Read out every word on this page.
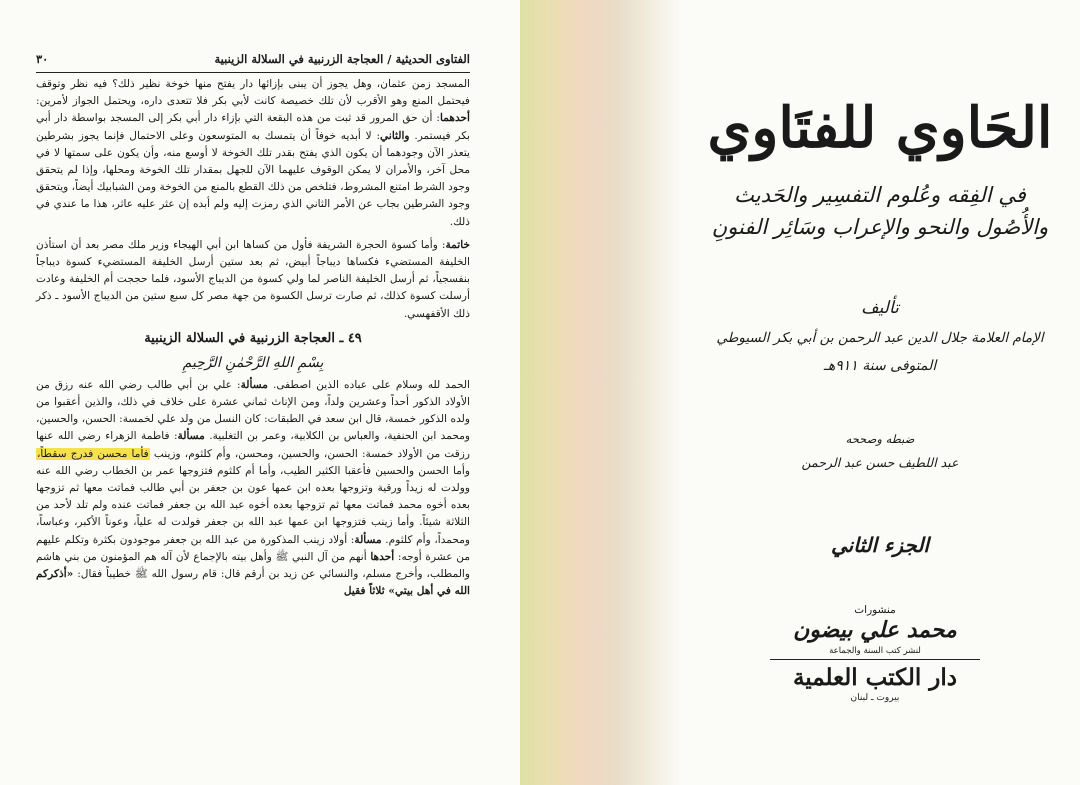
الفتاوى الحديثية / العجاجة الزرنبية في السلالة الزينبية
٣٠
المسجد زمن عثمان، وهل يجوز أن يبنى بإزائها دار يفتح منها خوخة نظير ذلك؟ فيه نظر وتوقف فيحتمل المنع وهو الأقرب لأن تلك خصيصة كانت لأبي بكر فلا تتعدى داره، ويحتمل الجواز لأمرين: أحدهما: أن حق المرور قد ثبت من هذه البقعة التي بإزاء دار أبي بكر إلى المسجد بواسطة دار أبي بكر فيستمر. والثاني: لا أبديه خوفاً أن يتمسك به المتوسعون وعلى الاحتمال فإنما يجوز بشرطين يتعذر الآن وجودهما أن يكون الذي يفتح بقدر تلك الخوخة لا أوسع منه، وأن يكون على سمتها لا في محل آخر، والأمران لا يمكن الوقوف عليهما الآن للجهل بمقدار تلك الخوخة ومحلها، وإذا لم يتحقق وجود الشرط امتنع المشروط، فتلخص من ذلك القطع بالمنع من الخوخة ومن الشبابيك أيضاً، ويتحقق وجود الشرطين بجاب عن الأمر الثاني الذي رمزت إليه ولم أبده إن عثر عليه عاثر، هذا ما عندي في ذلك.
خاتمة: وأما كسوة الحجرة الشريفة فأول من كساها ابن أبي الهيجاء وزير ملك مصر بعد أن استأذن الخليفة المستضيء فكساها ديباجاً أبيض، ثم بعد ستين أرسل الخليفة المستضيء كسوة ديباجاً بنفسجياً، ثم أرسل الخليفة الناصر لما ولي كسوة من الديباج الأسود، فلما حججت أم الخليفة وعادت أرسلت كسوة كذلك، ثم صارت ترسل الكسوة من جهة مصر كل سبع ستين من الديباج الأسود ـ ذكر ذلك الأقفهسي.
٤٩ ـ العجاجة الزرنبية في السلالة الزينبية
بِسْمِ اللهِ الرَّحْمٰنِ الرَّحِيمِ
الحمد لله وسلام على عباده الذين اصطفى. مسألة: علي بن أبي طالب رضي الله عنه رزق من الأولاد الذكور أحداً وعشرين ولداً، ومن الإناث ثماني عشرة على خلاف في ذلك، والذين أعقبوا من ولده الذكور خمسة، قال ابن سعد في الطبقات: كان النسل من ولد علي لخمسة: الحسن، والحسين، ومحمد ابن الحنفية، والعباس بن الكلابية، وعمر بن التغلبية. مسألة: فاطمة الزهراء رضي الله عنها رزقت من الأولاد خمسة: الحسن، والحسين، ومحسن، وأم كلثوم، وزينب فأما محسن فدرج سقطاً، وأما الحسن والحسين فأعقبا الكثير الطيب، وأما أم كلثوم فتزوجها عمر بن الخطاب رضي الله عنه وولدت له زيداً ورقية وتزوجها بعده ابن عمها عون بن جعفر بن أبي طالب فماتت معها ثم تزوجها بعده أخوه محمد فماتت معها ثم تزوجها بعده أخوه عبد الله بن جعفر فماتت عنده ولم تلد لأحد من الثلاثة شيئاً. وأما زينب فتزوجها ابن عمها عبد الله بن جعفر فولدت له علياً، وعوناً الأكبر، وعباساً، ومحمداً، وأم كلثوم. مسألة: أولاد زينب المذكورة من عبد الله بن جعفر موجودون بكثرة وتكلم عليهم من عشرة أوجه: أحدها أنهم من آل النبي ﷺ وأهل بيته بالإجماع لأن آله هم المؤمنون من بني هاشم والمطلب، وأخرج مسلم، والنسائي عن زيد بن أرقم قال: قام رسول الله ﷺ خطيباً فقال: «أذكركم الله في أهل بيتي» ثلاثاً فقيل
الحَاوي للفتَاوي
في الفِقه وعُلوم التفسِير والحَديث
والأُصُول والنحو والإعراب وسَائِر الفنونِ
تأليف
الإمام العلامة جلال الدين عبد الرحمن بن أبي بكر السيوطي
المتوفى سنة ٩١١هـ
ضبطه وصححه
عبد اللطيف حسن عبد الرحمن
الجزء الثاني
منشورات
محمد علي بيضون
لنشر كتب السنة والجماعة
دار الكتب العلمية
بيروت ـ لبنان
